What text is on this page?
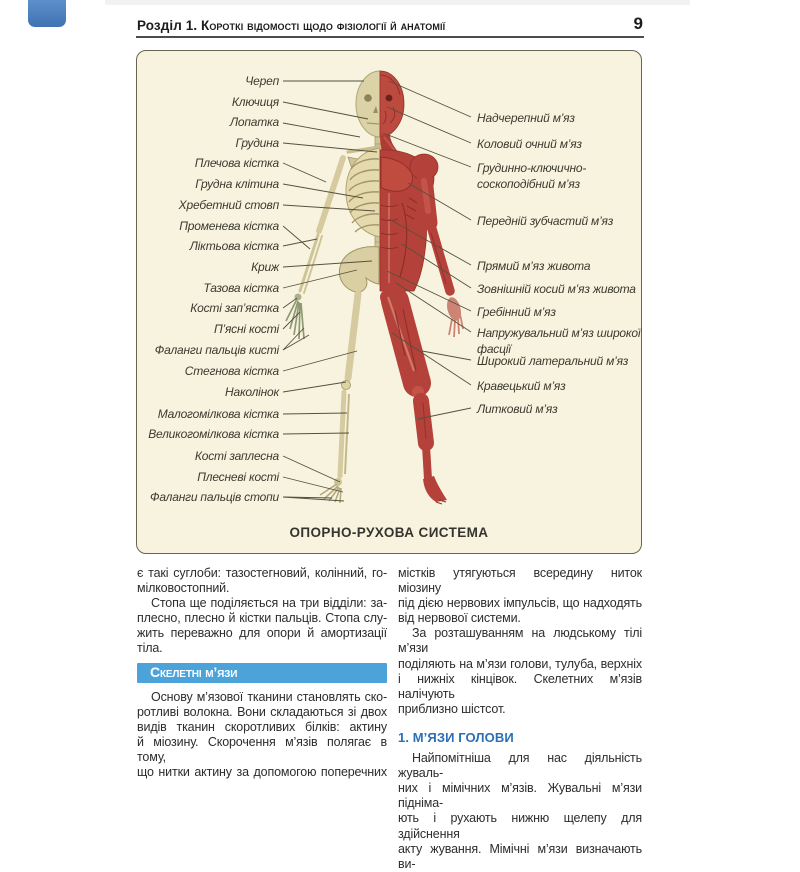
Розділ 1. Короткі відомості щодо фізіології й анатомії	9
Череп
Ключиця
Лопатка
Грудина
Плечова кістка
Грудна клітина
Хребетний стовп
Променева кістка
Ліктьова кістка
Криж
Тазова кістка
Кості зап’ястка
П’ясні кості
Фаланги пальців кисті
Стегнова кістка
Наколінок
Малогомілкова кістка
Великогомілкова кістка
Кості заплесна
Плесневі кості
Фаланги пальців стопи
Надчерепний м’яз
Коловий очний м’яз
Грудинно-ключично-соскоподібний м’яз
Передній зубчастий м’яз
Прямий м’яз живота
Зовнішній косий м’яз живота
Гребінний м’яз
Напружувальний м’яз широкої фасції
Широкий латеральний м’яз
Кравецький м’яз
Литковий м’яз
ОПОРНО-РУХОВА СИСТЕМА
є такі суглоби: тазостегновий, колінний, го-
мілковостопний.
Стопа ще поділяється на три відділи: за-
плесно, плесно й кістки пальців. Стопа слу-
жить переважно для опори й амортизації
тіла.
Скелетні м’язи
Основу м’язової тканини становлять ско-
ротливі волокна. Вони складаються зі двох
видів тканин скоротливих білків: актину
й міозину. Скорочення м’язів полягає в тому,
що нитки актину за допомогою поперечних
містків утягуються всередину ниток міозину
під дією нервових імпульсів, що надходять
від нервової системи.
За розташуванням на людському тілі м’язи
поділяють на м’язи голови, тулуба, верхніх
і нижніх кінцівок. Скелетних м’язів налічують
приблизно шістсот.
1. М’ЯЗИ ГОЛОВИ
Найпомітніша для нас діяльність жуваль-
них і мімічних м’язів. Жувальні м’язи підніма-
ють і рухають нижню щелепу для здійснення
акту жування. Мімічні м’язи визначають ви-
